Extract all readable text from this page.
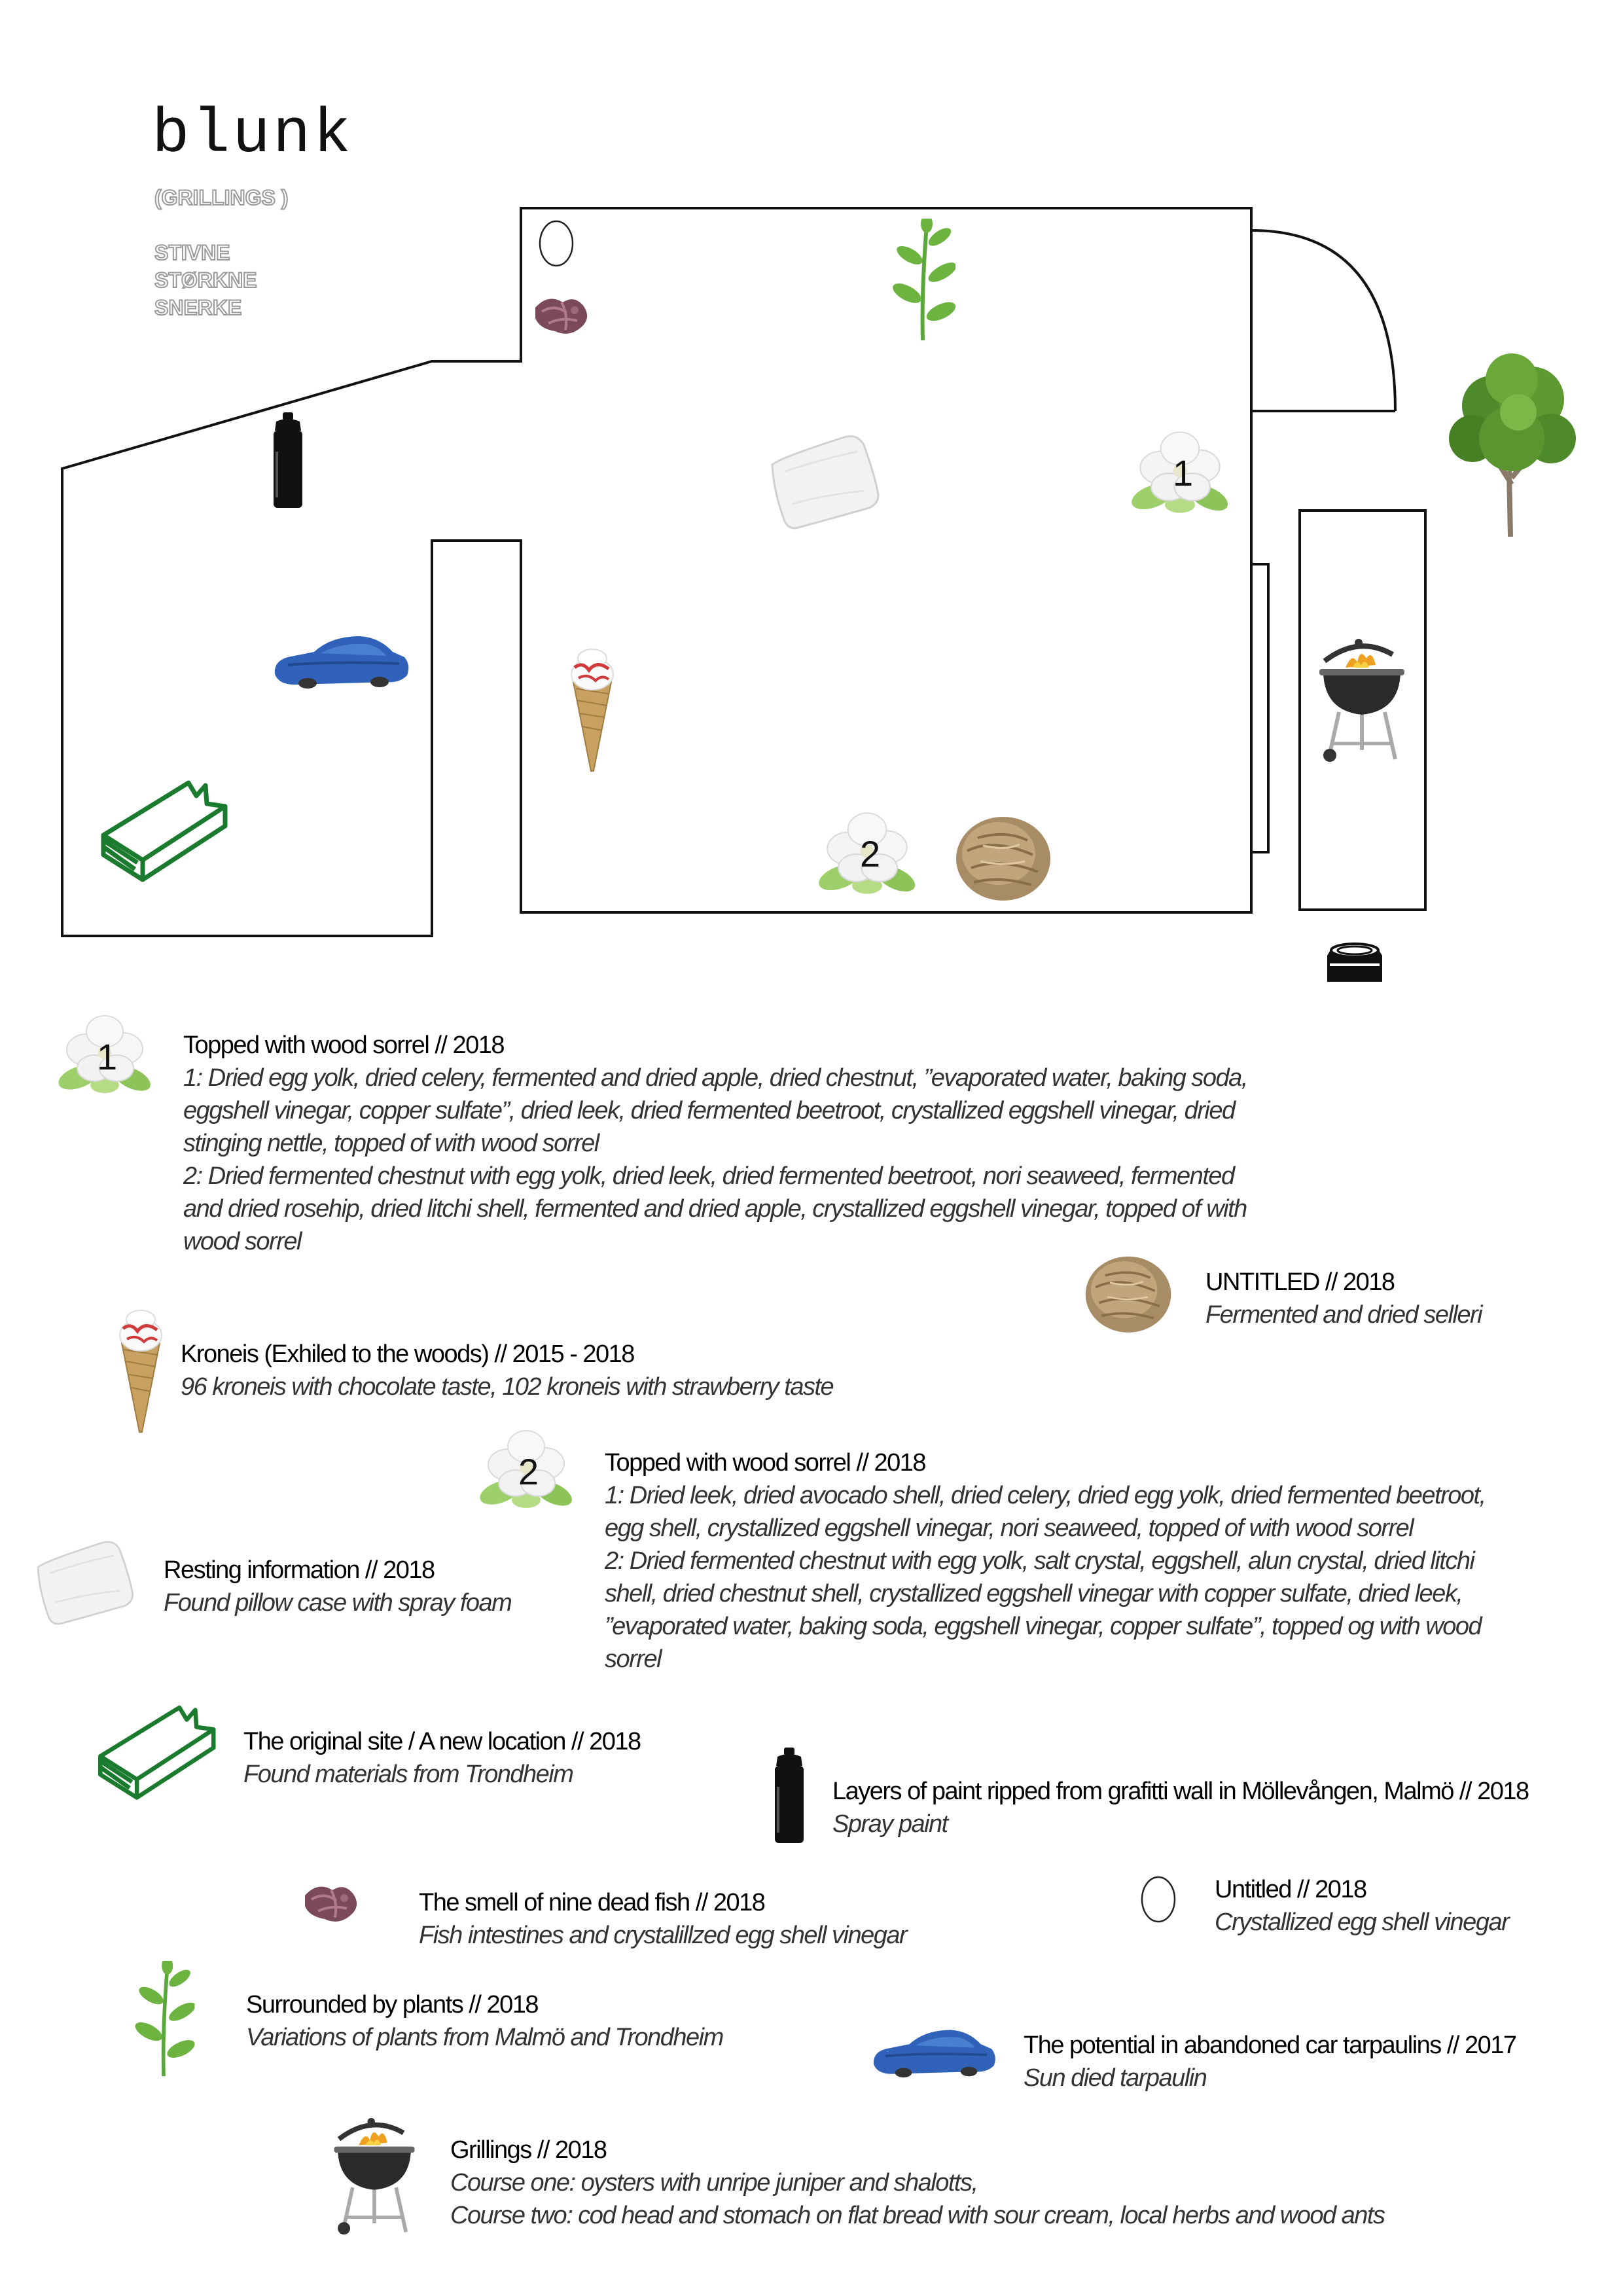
blunk
(GRILLINGS )
STIVNE
STØRKNE
SNERKE
1
2
1	Topped with wood sorrel // 2018
1: Dried egg yolk, dried celery, fermented and dried apple, dried chestnut, ”evaporated water, baking soda,
eggshell vinegar, copper sulfate”, dried leek, dried fermented beetroot, crystallized eggshell vinegar, dried
stinging nettle, topped of with wood sorrel
2: Dried fermented chestnut with egg yolk, dried leek, dried fermented beetroot, nori seaweed, fermented
and dried rosehip, dried litchi shell, fermented and dried apple, crystallized eggshell vinegar, topped of with
wood sorrel
UNTITLED // 2018
Fermented and dried selleri
Kroneis (Exhiled to the woods) // 2015 - 2018
96 kroneis with chocolate taste, 102 kroneis with strawberry taste
2	Topped with wood sorrel // 2018
1: Dried leek, dried avocado shell, dried celery, dried egg yolk, dried fermented beetroot,
egg shell, crystallized eggshell vinegar, nori seaweed, topped of with wood sorrel
2: Dried fermented chestnut with egg yolk, salt crystal, eggshell, alun crystal, dried litchi
shell, dried chestnut shell, crystallized eggshell vinegar with copper sulfate, dried leek,
”evaporated water, baking soda, eggshell vinegar, copper sulfate”, topped og with wood
sorrel
Resting information // 2018
Found pillow case with spray foam
The original site / A new location // 2018
Found materials from Trondheim
Layers of paint ripped from grafitti wall in Möllevången, Malmö // 2018
Spray paint
The smell of nine dead fish // 2018
Fish intestines and crystalillzed egg shell vinegar
Untitled // 2018
Crystallized egg shell vinegar
Surrounded by plants // 2018
Variations of plants from Malmö and Trondheim	The potential in abandoned car tarpaulins // 2017
Sun died tarpaulin
Grillings // 2018
Course one: oysters with unripe juniper and shalotts,
Course two: cod head and stomach on flat bread with sour cream, local herbs and wood ants
